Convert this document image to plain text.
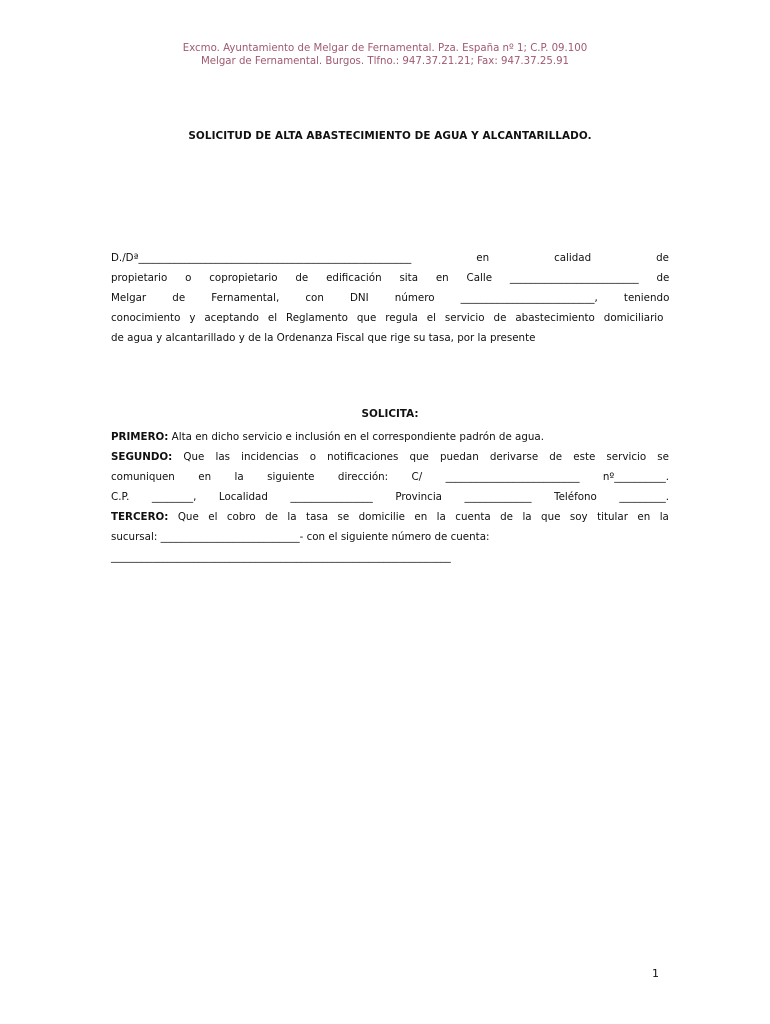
Excmo. Ayuntamiento de Melgar de Fernamental. Pza. España nº 1; C.P. 09.100
Melgar de Fernamental. Burgos. Tlfno.: 947.37.21.21; Fax: 947.37.25.91
SOLICITUD DE ALTA ABASTECIMIENTO DE AGUA Y ALCANTARILLADO.
D./Dª_____________________________________________________	en	calidad	de
propietario o copropietario de edificación sita en Calle _________________________ de
Melgar de Fernamental, con DNI número __________________________, teniendo
conocimiento y aceptando el Reglamento que regula el servicio de abastecimiento domiciliario
de agua y alcantarillado y de la Ordenanza Fiscal que rige su tasa, por la presente
SOLICITA:
PRIMERO: Alta en dicho servicio e inclusión en el correspondiente padrón de agua.
SEGUNDO: Que las incidencias o notificaciones que puedan derivarse de este servicio se
comuniquen en la siguiente dirección: C/ __________________________ nº__________.
C.P. ________, Localidad ________________ Provincia _____________ Teléfono _________.
TERCERO: Que el cobro de la tasa se domicilie en la cuenta de la que soy titular en la
sucursal: ___________________________- con el siguiente número de cuenta:
__________________________________________________________________
1
